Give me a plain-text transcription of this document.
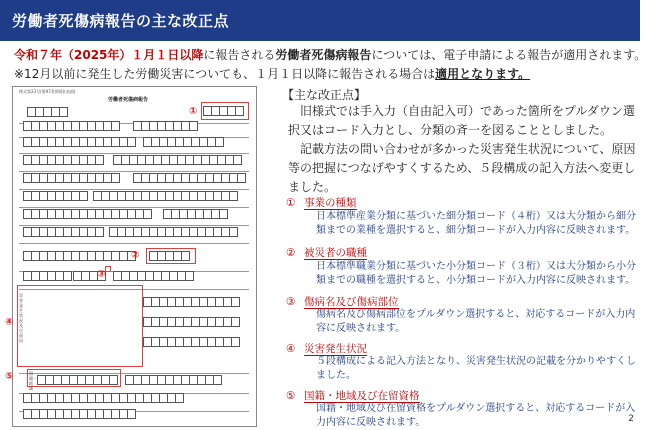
労働者死傷病報告の主な改正点
令和７年（2025年）１月１日以降に報告される労働者死傷病報告については、電子申請による報告が適用されます。
※12月以前に発生した労働災害についても、１月１日以降に報告される場合は適用となります。
様式第23号(第97条関係)(表面)
労働者死傷病報告
①
②
③
④
災害発生状況及び原因
⑤	国籍・地域
【主な改正点】
旧様式では手入力（自由記入可）であった箇所をプルダウン選択又はコード入力とし、分類の斉一を図ることとしました。
記載方法の問い合わせが多かった災害発生状況について、原因等の把握につなげやすくするため、５段構成の記入方法へ変更しました。
① 事業の種類
日本標準産業分類に基づいた細分類コード（４桁）又は大分類から細分類までの業種を選択すると、細分類コードが入力内容に反映されます。
② 被災者の職種
日本標準職業分類に基づいた小分類コード（３桁）又は大分類から小分類までの職種を選択すると、小分類コードが入力内容に反映されます。
③ 傷病名及び傷病部位
傷病名及び傷病部位をプルダウン選択すると、対応するコードが入力内容に反映されます。
④ 災害発生状況
５段構成による記入方法となり、災害発生状況の記載を分かりやすくしました。
⑤ 国籍・地域及び在留資格
国籍・地域及び在留資格をプルダウン選択すると、対応するコードが入力内容に反映されます。	2
